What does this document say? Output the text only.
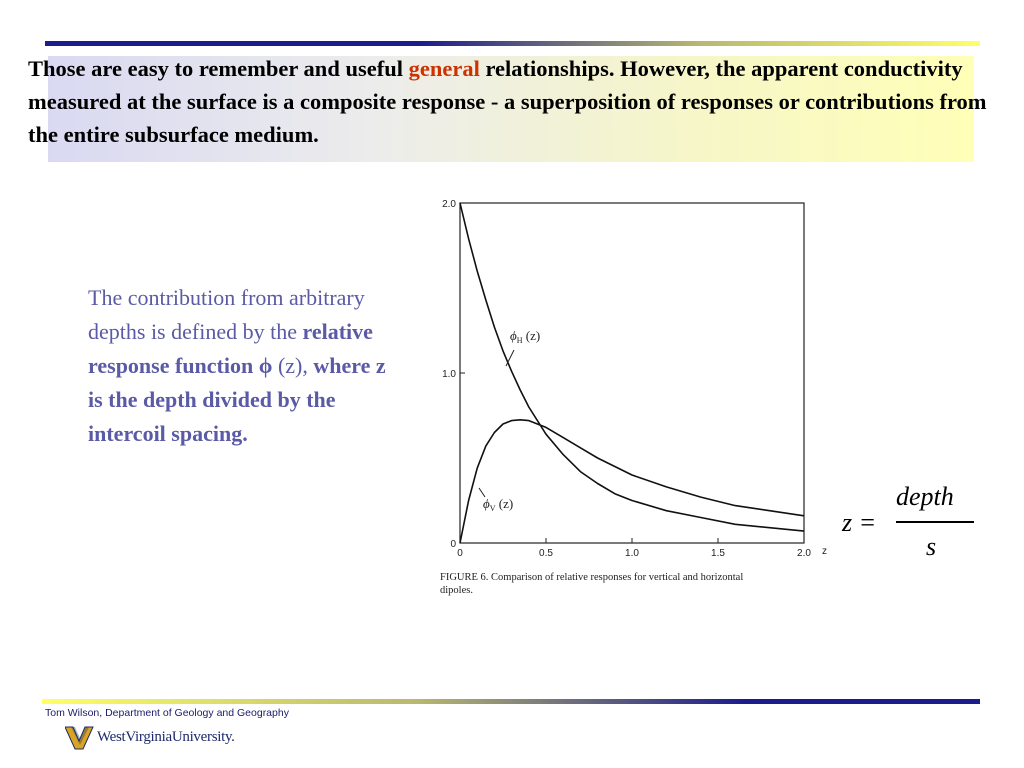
Those are easy to remember and useful general relationships. However, the apparent conductivity measured at the surface is a composite response - a superposition of responses or contributions from the entire subsurface medium.
The contribution from arbitrary depths is defined by the relative response function ϕ (z), where z is the depth divided by the intercoil spacing.
0
1.0
2.0
0	0.5	1.0	1.5	2.0
$\phi_H$ (z)
$\phi_V$ (z)
z
FIGURE 6. Comparison of relative responses for vertical and horizontal
dipoles.
z =
depth
s
Tom Wilson, Department of Geology and Geography
WestVirginiaUniversity.
